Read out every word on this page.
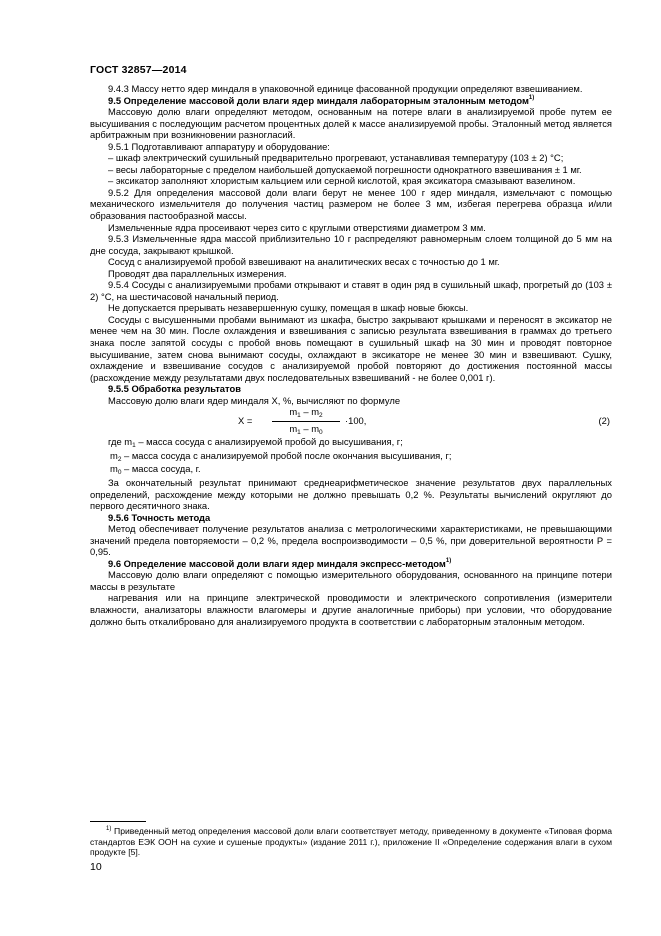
ГОСТ 32857—2014

9.4.3 Массу нетто ядер миндаля в упаковочной единице фасованной продукции определяют взвешиванием.

9.5 Определение массовой доли влаги ядер миндаля лабораторным эталонным методом$^{1)}$

Массовую долю влаги определяют методом, основанным на потере влаги в анализируемой пробе путем ее высушивания с последующим расчетом процентных долей к массе анализируемой пробы. Эталонный метод является арбитражным при возникновении разногласий.

9.5.1 Подготавливают аппаратуру и оборудование:

– шкаф электрический сушильный предварительно прогревают, устанавливая температуру (103 ± 2) °С;

– весы лабораторные с пределом наибольшей допускаемой погрешности однократного взвешивания ± 1 мг.

– эксикатор заполняют хлористым кальцием или серной кислотой, края эксикатора смазывают вазелином.

9.5.2 Для определения массовой доли влаги берут не менее 100 г ядер миндаля, измельчают с помощью механического измельчителя до получения частиц размером не более 3 мм, избегая перегрева образца и/или образования пастообразной массы.

Измельченные ядра просеивают через сито с круглыми отверстиями диаметром 3 мм.

9.5.3 Измельченные ядра массой приблизительно 10 г распределяют равномерным слоем толщиной до 5 мм на дне сосуда, закрывают крышкой.

Сосуд с анализируемой пробой взвешивают на аналитических весах с точностью до 1 мг.

Проводят два параллельных измерения.

9.5.4 Сосуды с анализируемыми пробами открывают и ставят в один ряд в сушильный шкаф, прогретый до (103 ± 2) °С, на шестичасовой начальный период.

Не допускается прерывать незавершенную сушку, помещая в шкаф новые бюксы.

Сосуды с высушенными пробами вынимают из шкафа, быстро закрывают крышками и переносят в эксикатор не менее чем на 30 мин. После охлаждения и взвешивания с записью результата взвешивания в граммах до третьего знака после запятой сосуды с пробой вновь помещают в сушильный шкаф на 30 мин и проводят повторное высушивание, затем снова вынимают сосуды, охлаждают в эксикаторе не менее 30 мин и взвешивают. Сушку, охлаждение и взвешивание сосудов с анализируемой пробой повторяют до достижения постоянной массы (расхождение между результатами двух последовательных взвешиваний - не более 0,001 г).

9.5.5 Обработка результатов

Массовую долю влаги ядер миндаля Х, %, вычисляют по формуле

$Х = \frac{m_1 - m_2}{m_1 - m_0} \cdot 100$,	(2)

где $m_1$ – масса сосуда с анализируемой пробой до высушивания, г;

$m_2$ – масса сосуда с анализируемой пробой после окончания высушивания, г;

$m_0$ – масса сосуда, г.

За окончательный результат принимают среднеарифметическое значение результатов двух параллельных определений, расхождение между которыми не должно превышать 0,2 %. Результаты вычислений округляют до первого десятичного знака.

9.5.6 Точность метода

Метод обеспечивает получение результатов анализа с метрологическими характеристиками, не превышающими значений предела повторяемости – 0,2 %, предела воспроизводимости – 0,5 %, при доверительной вероятности Р = 0,95.

9.6 Определение массовой доли влаги ядер миндаля экспресс-методом$^{1)}$

Массовую долю влаги определяют с помощью измерительного оборудования, основанного на принципе потери массы в результате

нагревания или на принципе электрической проводимости и электрического сопротивления (измерители влажности, анализаторы влажности влагомеры и другие аналогичные приборы) при условии, что оборудование должно быть откалибровано для анализируемого продукта в соответствии с лабораторным эталонным методом.

$^{1)}$ Приведенный метод определения массовой доли влаги соответствует методу, приведенному в документе «Типовая форма стандартов ЕЭК ООН на сухие и сушеные продукты» (издание 2011 г.), приложение II «Определение содержания влаги в сухом продукте [5].

10
